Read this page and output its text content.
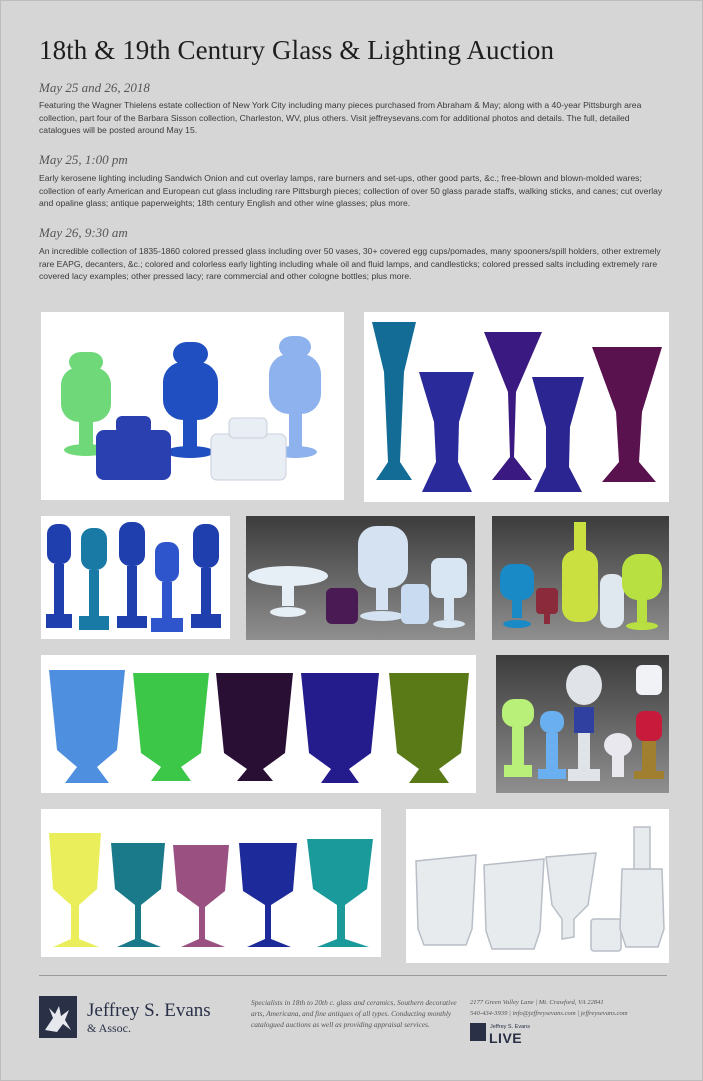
18th & 19th Century Glass & Lighting Auction
May 25 and 26, 2018

Featuring the Wagner Thielens estate collection of New York City including many pieces purchased from Abraham & May; along with a 40-year Pittsburgh area collection, part four of the Barbara Sisson collection, Charleston, WV, plus others. Visit jeffreysevans.com for additional photos and details. The full, detailed catalogues will be posted around May 15.

May 25, 1:00 pm

Early kerosene lighting including Sandwich Onion and cut overlay lamps, rare burners and set-ups, other good parts, &c.; free-blown and blown-molded wares; collection of early American and European cut glass including rare Pittsburgh pieces; collection of over 50 glass parade staffs, walking sticks, and canes; cut overlay and opaline glass; antique paperweights; 18th century English and other wine glasses; plus more.

May 26, 9:30 am

An incredible collection of 1835-1860 colored pressed glass including over 50 vases, 30+ covered egg cups/pomades, many spooners/spill holders, other extremely rare EAPG, decanters, &c.; colored and colorless early lighting including whale oil and fluid lamps, and candlesticks; colored pressed salts including extremely rare covered lacy examples; other pressed lacy; rare commercial and other cologne bottles; plus more.

Jeffrey S. Evans
& Assoc.
Specialists in 18th to 20th c. glass and ceramics, Southern decorative arts, Americana, and fine antiques of all types. Conducting monthly catalogued auctions as well as providing appraisal services.
2177 Green Valley Lane | Mt. Crawford, VA 22841
540-434-3939 | info@jeffreysevans.com | jeffreysevans.com
Jeffrey S. Evans
LIVE
